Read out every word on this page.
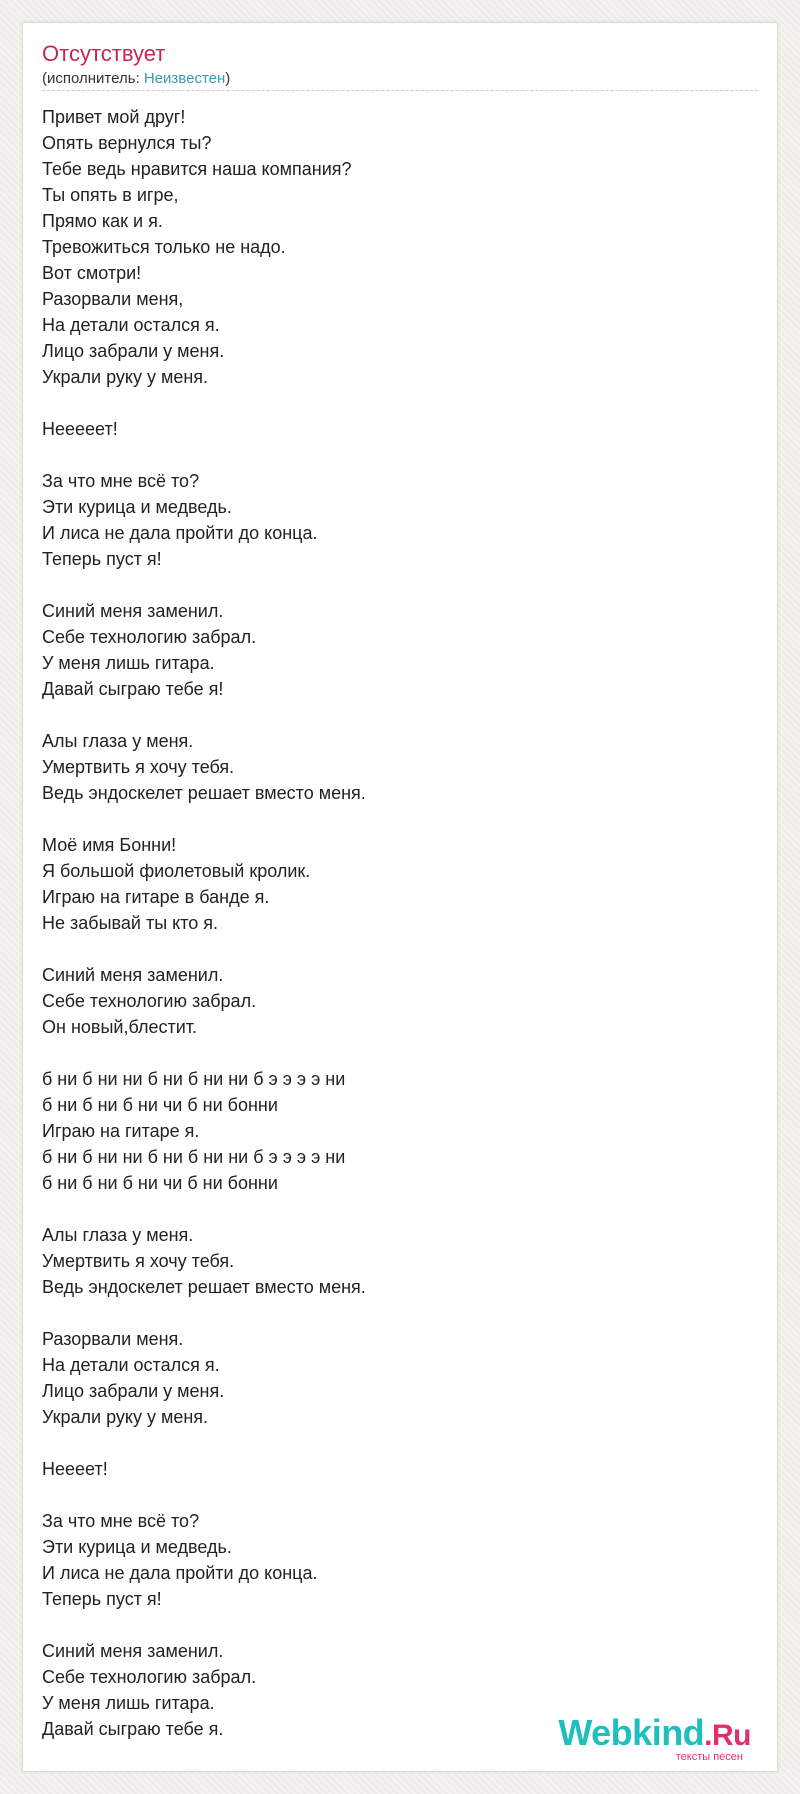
Отсутствует
(исполнитель: Неизвестен)

Привет мой друг!
Опять вернулся ты?
Тебе ведь нравится наша компания?
Ты опять в игре,
Прямо как и я.
Тревожиться только не надо.
Вот смотри!
Разорвали меня,
На детали остался я.
Лицо забрали у меня.
Украли руку у меня.

Неееeет!

За что мне всё то?
Эти курица и медведь.
И лиса не дала пройти до конца.
Теперь пуст я!

Синий меня заменил.
Себе технологию забрал.
У меня лишь гитара.
Давай сыграю тебе я!

Алы глаза у меня.
Умертвить я хочу тебя.
Ведь эндоскелет решает вместо меня.

Моё имя Бонни!
Я большой фиолетовый кролик.
Играю на гитаре в банде я.
Не забывай ты кто я.

Синий меня заменил.
Себе технологию забрал.
Он новый,блестит.

б ни б ни ни б ни б ни ни б э э э э ни
б ни б ни б ни чи б ни бонни
Играю на гитаре я.
б ни б ни ни б ни б ни ни б э э э э ни
б ни б ни б ни чи б ни бонни

Алы глаза у меня.
Умертвить я хочу тебя.
Ведь эндоскелет решает вместо меня.

Разорвали меня.
На детали остался я.
Лицо забрали у меня.
Украли руку у меня.

Неееет!

За что мне всё то?
Эти курица и медведь.
И лиса не дала пройти до конца.
Теперь пуст я!

Синий меня заменил.
Себе технологию забрал.
У меня лишь гитара.
Давай сыграю тебе я.	Webkind.Ru
тексты песен
